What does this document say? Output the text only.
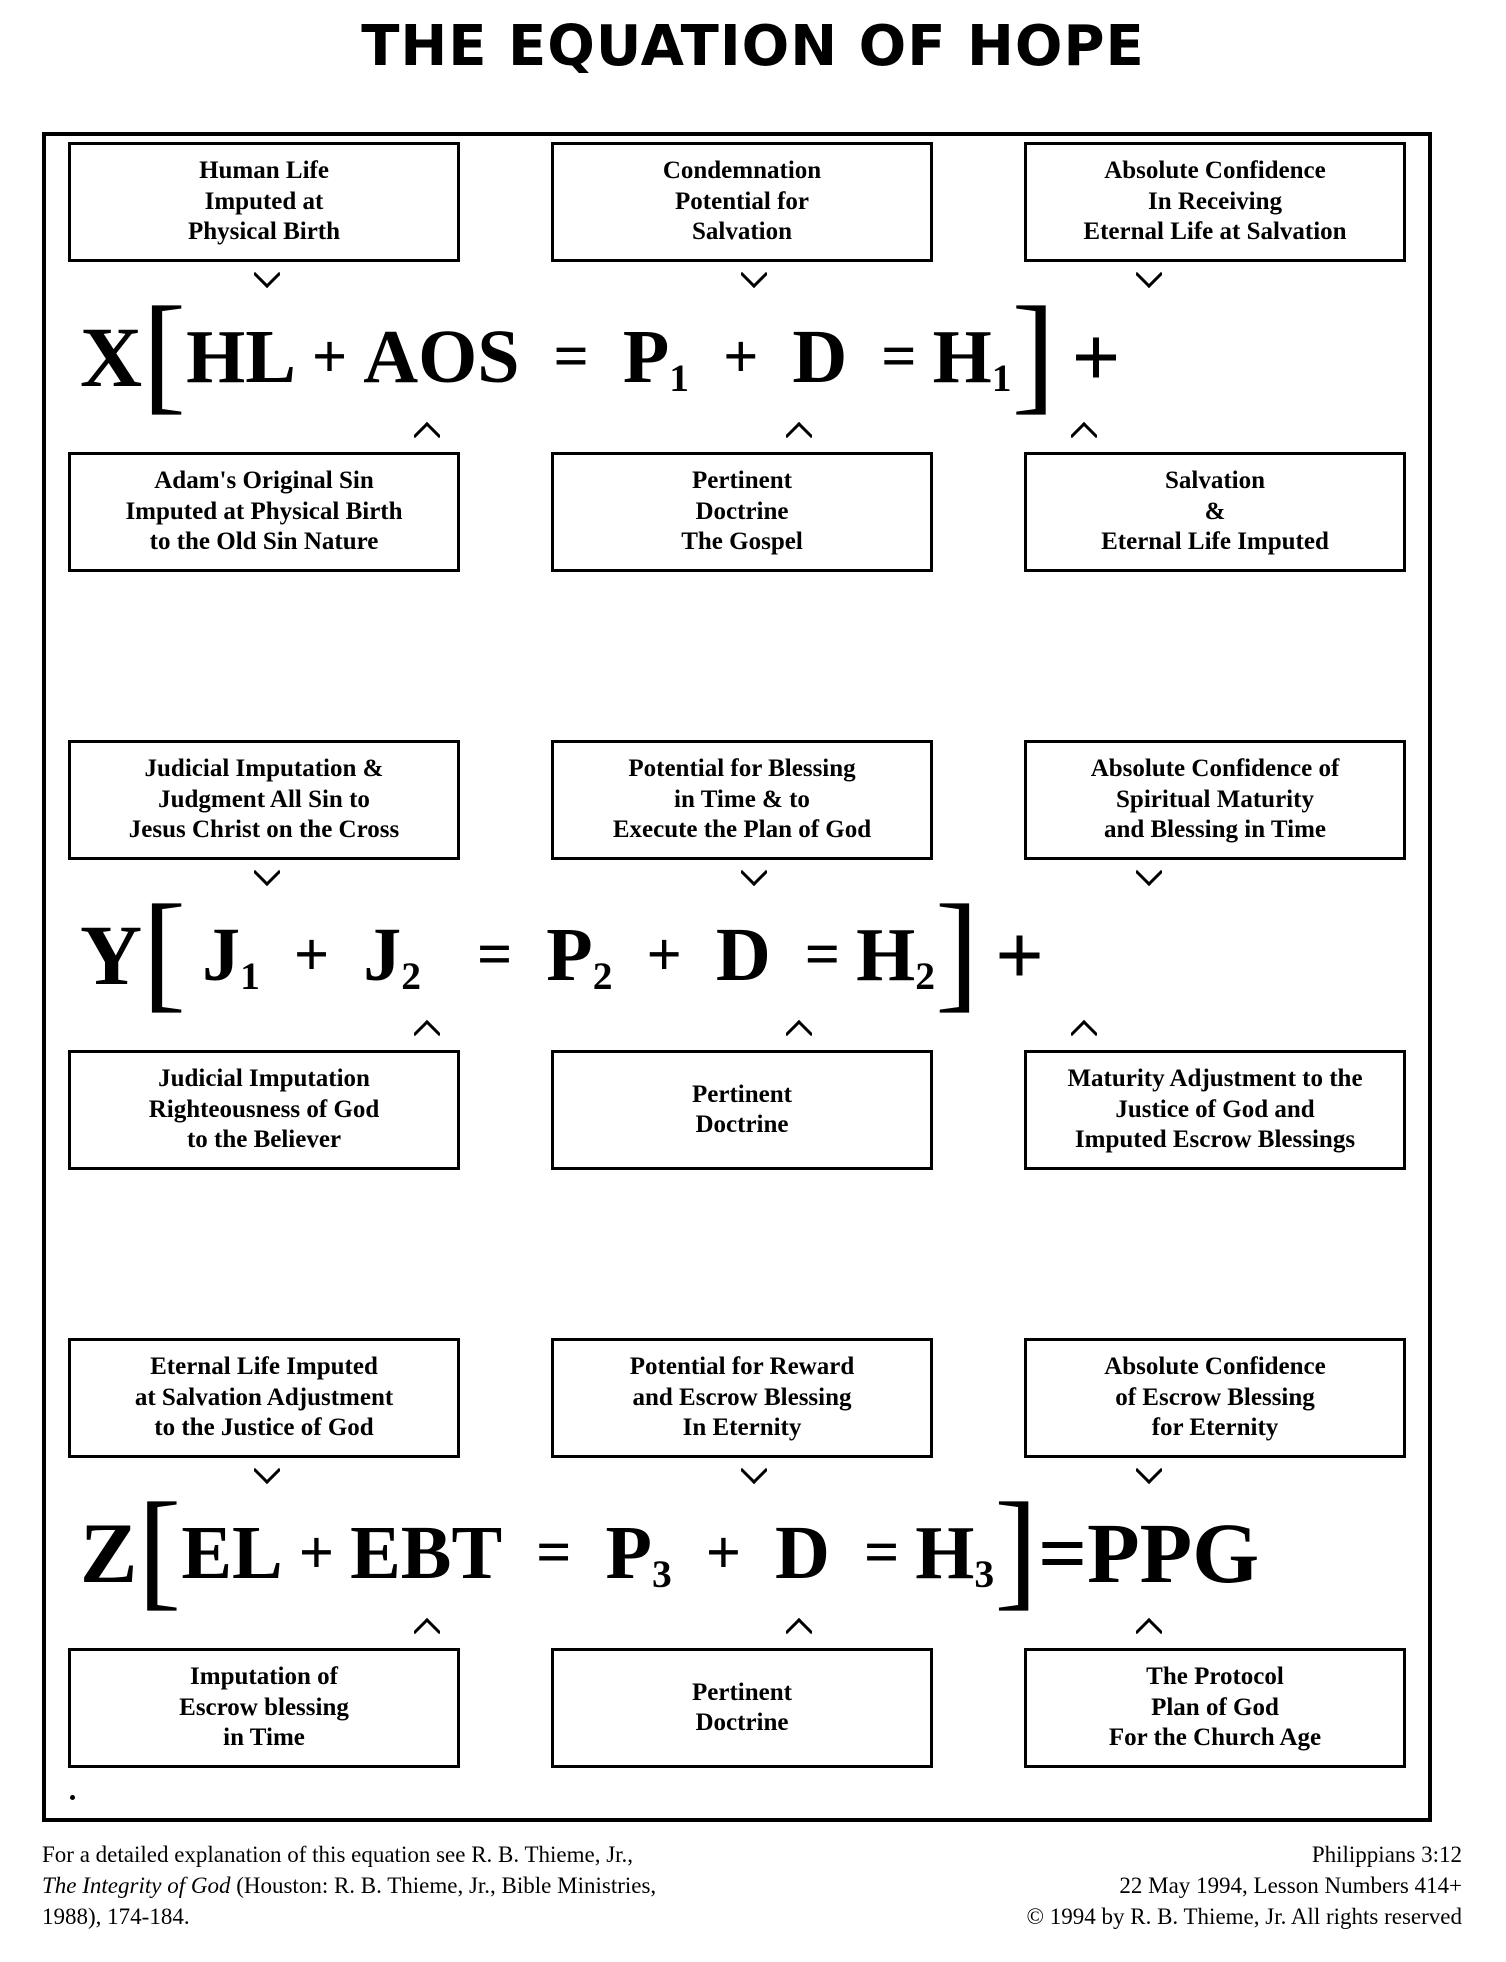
THE EQUATION OF HOPE
Human Life
Imputed at
Physical Birth
Condemnation
Potential for
Salvation
Absolute Confidence
In Receiving
Eternal Life at Salvation
X [ HL + AOS = $P_1 + D = H_1$ ] +
Adam's Original Sin
Imputed at Physical Birth
to the Old Sin Nature
Pertinent
Doctrine
The Gospel
Salvation
&
Eternal Life Imputed
Judicial Imputation &
Judgment All Sin to
Jesus Christ on the Cross
Potential for Blessing
in Time & to
Execute the Plan of God
Absolute Confidence of
Spiritual Maturity
and Blessing in Time
Y [ $J_1 + J_2 = P_2 + D = H_2$ ] +
Judicial Imputation
Righteousness of God
to the Believer
Pertinent
Doctrine
Maturity Adjustment to the
Justice of God and
Imputed Escrow Blessings
Eternal Life Imputed
at Salvation Adjustment
to the Justice of God
Potential for Reward
and Escrow Blessing
In Eternity
Absolute Confidence
of Escrow Blessing
for Eternity
Z [ EL + EBT = $P_3 + D = H_3$ ] =PPG
Imputation of
Escrow blessing
in Time
Pertinent
Doctrine
The Protocol
Plan of God
For the Church Age
For a detailed explanation of this equation see R. B. Thieme, Jr.,
The Integrity of God (Houston: R. B. Thieme, Jr., Bible Ministries,
1988), 174-184.
Philippians 3:12
22 May 1994, Lesson Numbers 414+
© 1994 by R. B. Thieme, Jr. All rights reserved
